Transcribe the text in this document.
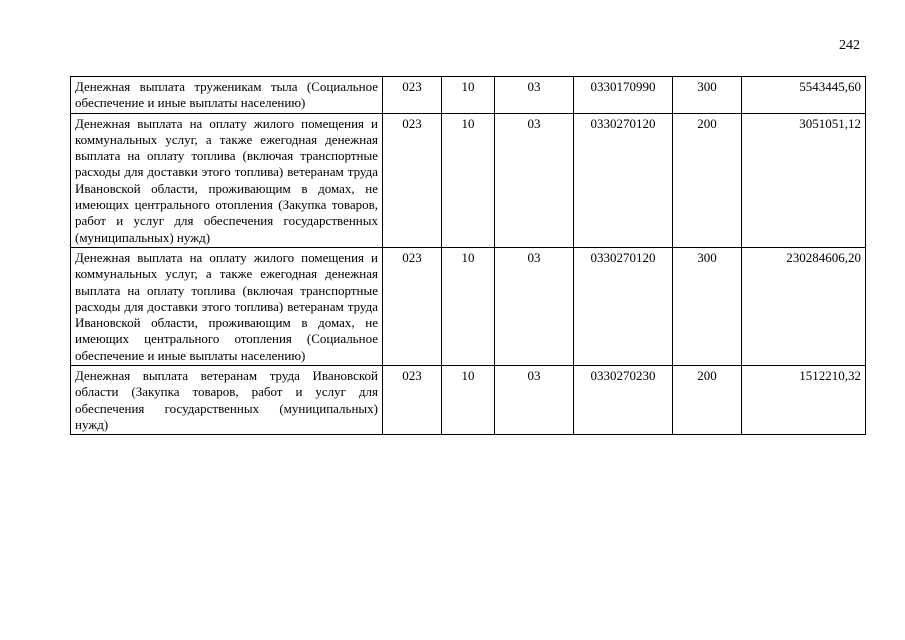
242
Денежная выплата труженикам тыла (Социальное обеспечение и иные выплаты населению)	023	10	03	0330170990	300	5543445,60
Денежная выплата на оплату жилого помещения и коммунальных услуг, а также ежегодная денежная выплата на оплату топлива (включая транспортные расходы для доставки этого топлива) ветеранам труда Ивановской области, проживающим в домах, не имеющих центрального отопления (Закупка товаров, работ и услуг для обеспечения государственных (муниципальных) нужд)	023	10	03	0330270120	200	3051051,12
Денежная выплата на оплату жилого помещения и коммунальных услуг, а также ежегодная денежная выплата на оплату топлива (включая транспортные расходы для доставки этого топлива) ветеранам труда Ивановской области, проживающим в домах, не имеющих центрального отопления (Социальное обеспечение и иные выплаты населению)	023	10	03	0330270120	300	230284606,20
Денежная выплата ветеранам труда Ивановской области (Закупка товаров, работ и услуг для обеспечения государственных (муниципальных) нужд)	023	10	03	0330270230	200	1512210,32
